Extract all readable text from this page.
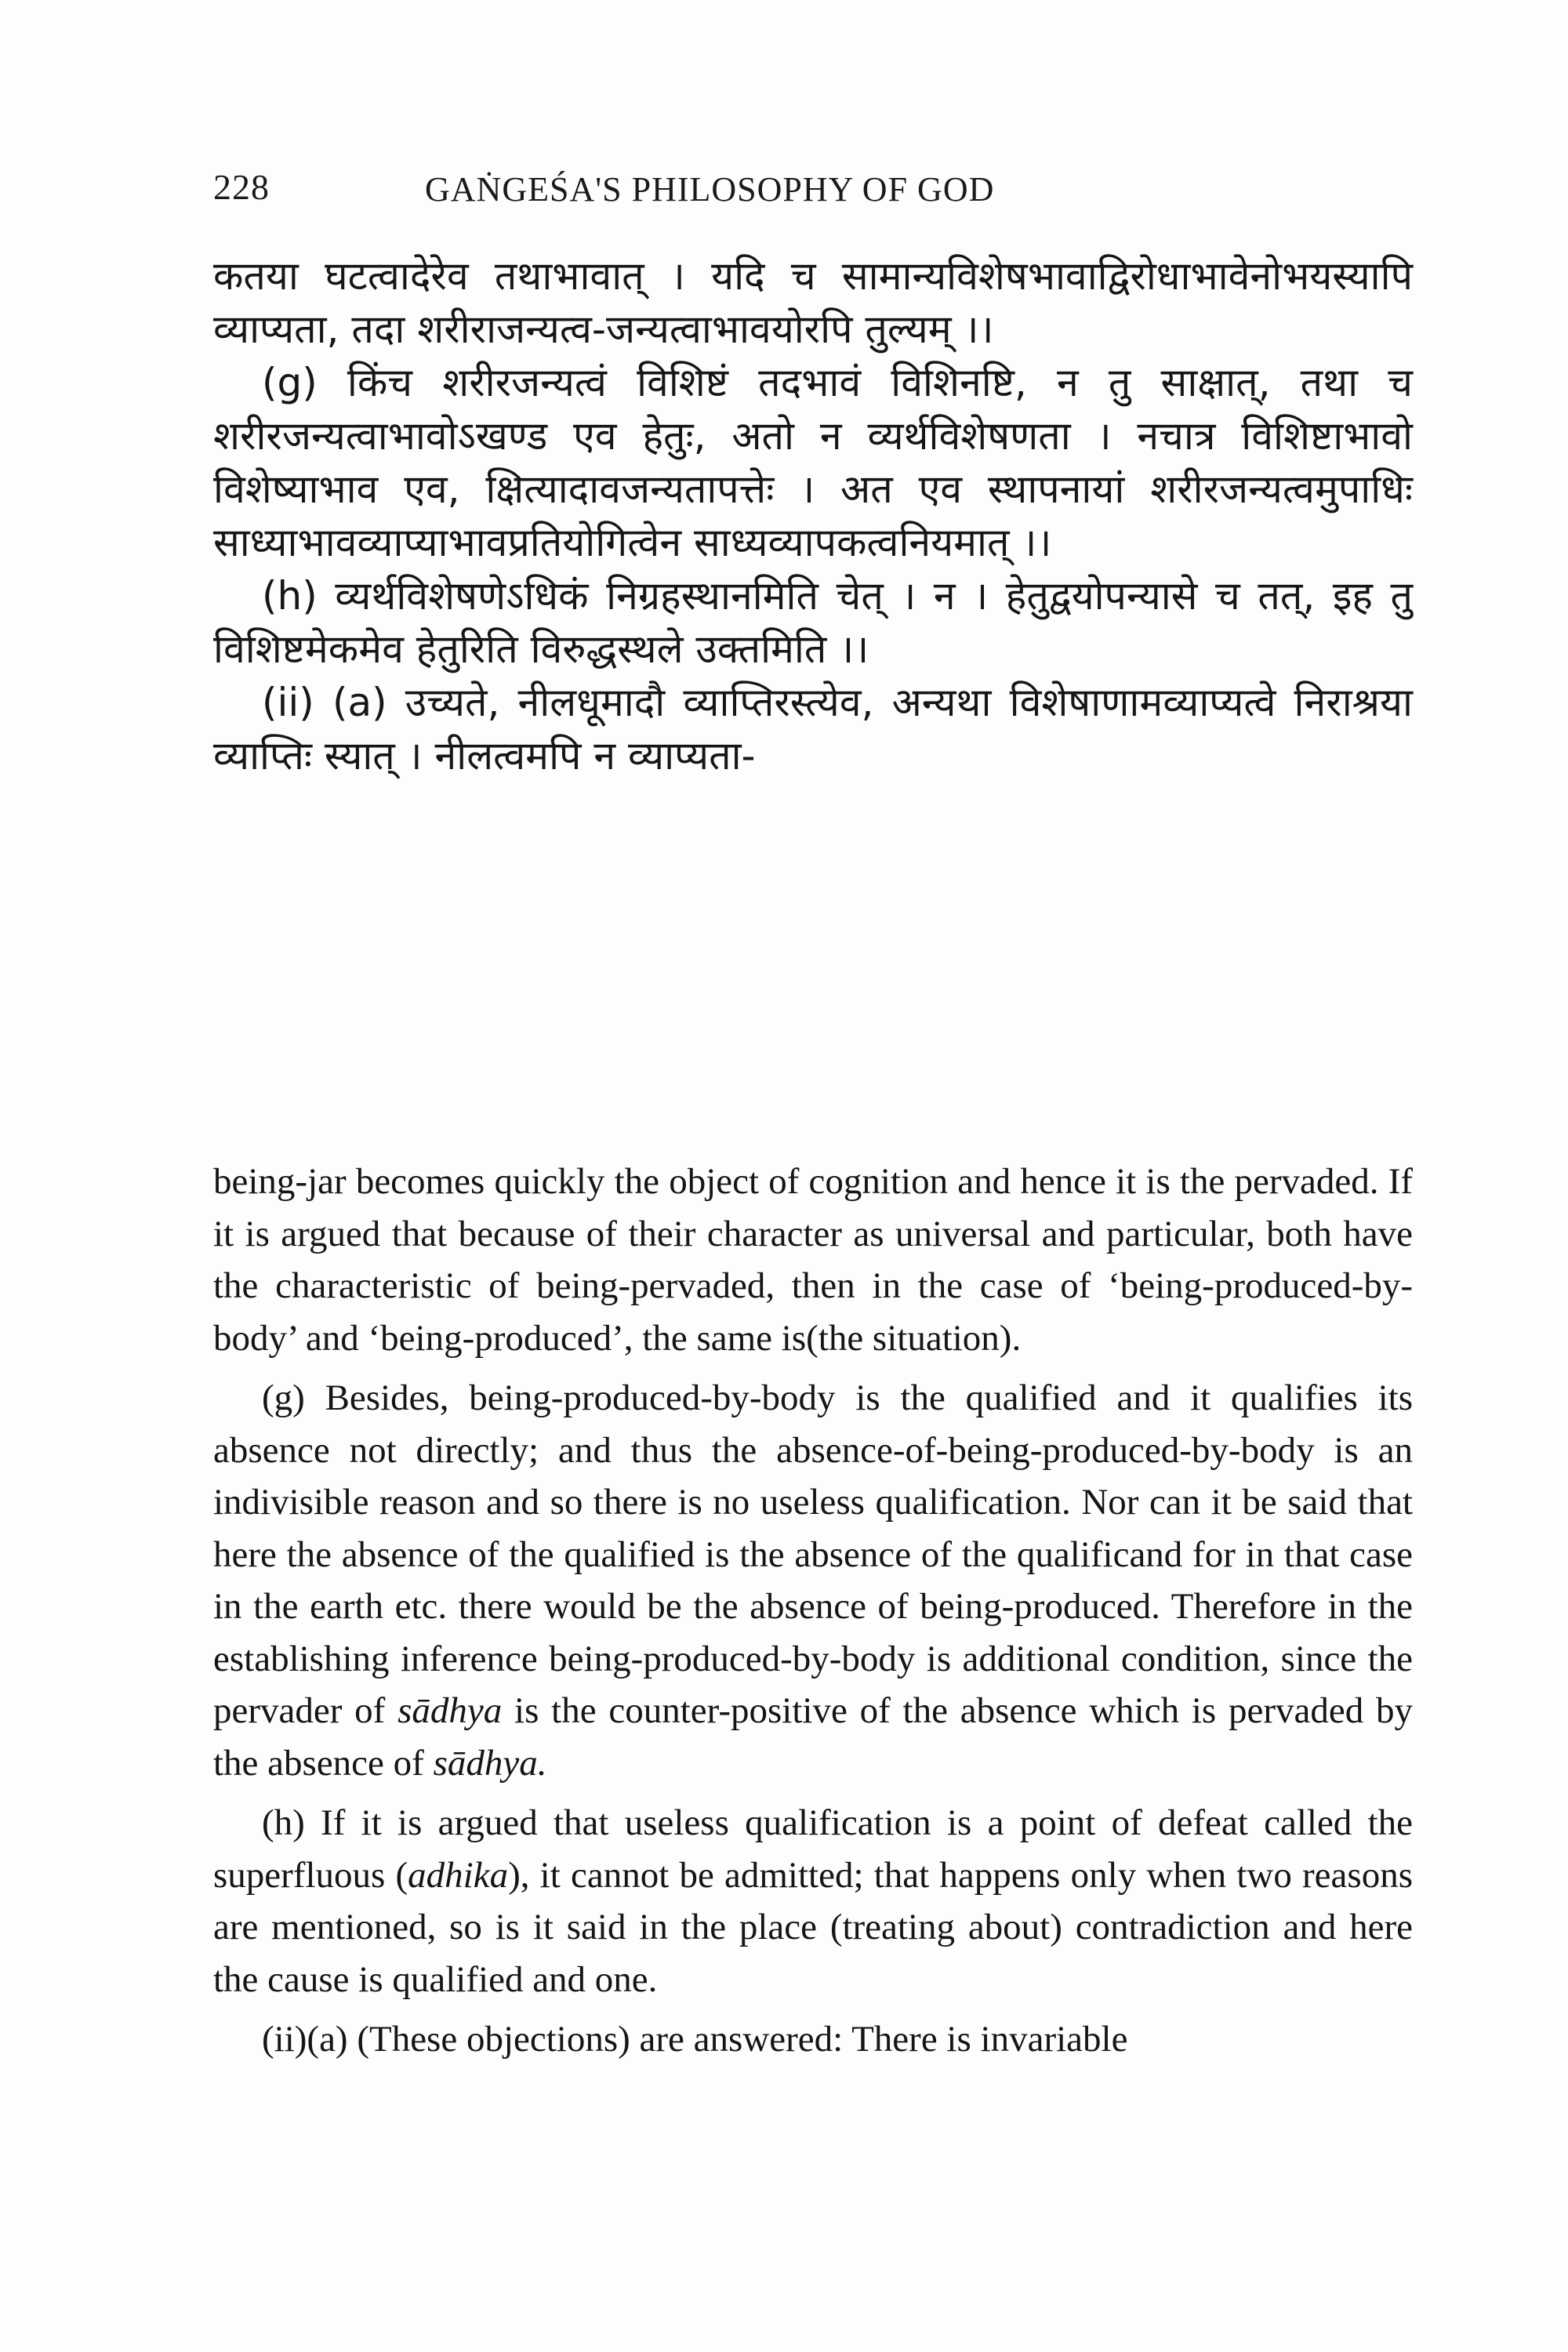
228	GAṄGEŚA'S PHILOSOPHY OF GOD

कतया घटत्वादेरेव तथाभावात् । यदि च सामान्यविशेषभावाद्विरोधाभावेनोभयस्यापि व्याप्यता, तदा शरीराजन्यत्व-जन्यत्वाभावयोरपि तुल्यम् ।।

(g) किंच शरीरजन्यत्वं विशिष्टं तदभावं विशिनष्टि, न तु साक्षात्, तथा च शरीरजन्यत्वाभावोऽखण्ड एव हेतुः, अतो न व्यर्थविशेषणता । नचात्र विशिष्टाभावो विशेष्याभाव एव, क्षित्यादावजन्यतापत्तेः । अत एव स्थापनायां शरीरजन्यत्वमुपाधिः साध्याभावव्याप्याभावप्रतियोगित्वेन साध्यव्यापकत्वनियमात् ।।

(h) व्यर्थविशेषणेऽधिकं निग्रहस्थानमिति चेत् । न । हेतुद्वयोपन्यासे च तत्, इह तु विशिष्टमेकमेव हेतुरिति विरुद्धस्थले उक्तमिति ।।

(ii) (a) उच्यते, नीलधूमादौ व्याप्तिरस्त्येव, अन्यथा विशेषाणामव्याप्यत्वे निराश्रया व्याप्तिः स्यात् । नीलत्वमपि न व्याप्यता-

being-jar becomes quickly the object of cognition and hence it is the pervaded. If it is argued that because of their character as universal and particular, both have the characteristic of being-pervaded, then in the case of ‘being-produced-by-body’ and ‘being-produced’, the same is(the situation).

(g) Besides, being-produced-by-body is the qualified and it qualifies its absence not directly; and thus the absence-of-being-produced-by-body is an indivisible reason and so there is no useless qualification. Nor can it be said that here the absence of the qualified is the absence of the qualificand for in that case in the earth etc. there would be the absence of being-produced. Therefore in the establishing inference being-produced-by-body is additional condition, since the pervader of sādhya is the counter-positive of the absence which is pervaded by the absence of sādhya.

(h) If it is argued that useless qualification is a point of defeat called the superfluous (adhika), it cannot be admitted; that happens only when two reasons are mentioned, so is it said in the place (treating about) contradiction and here the cause is qualified and one.

(ii)(a) (These objections) are answered: There is invariable
